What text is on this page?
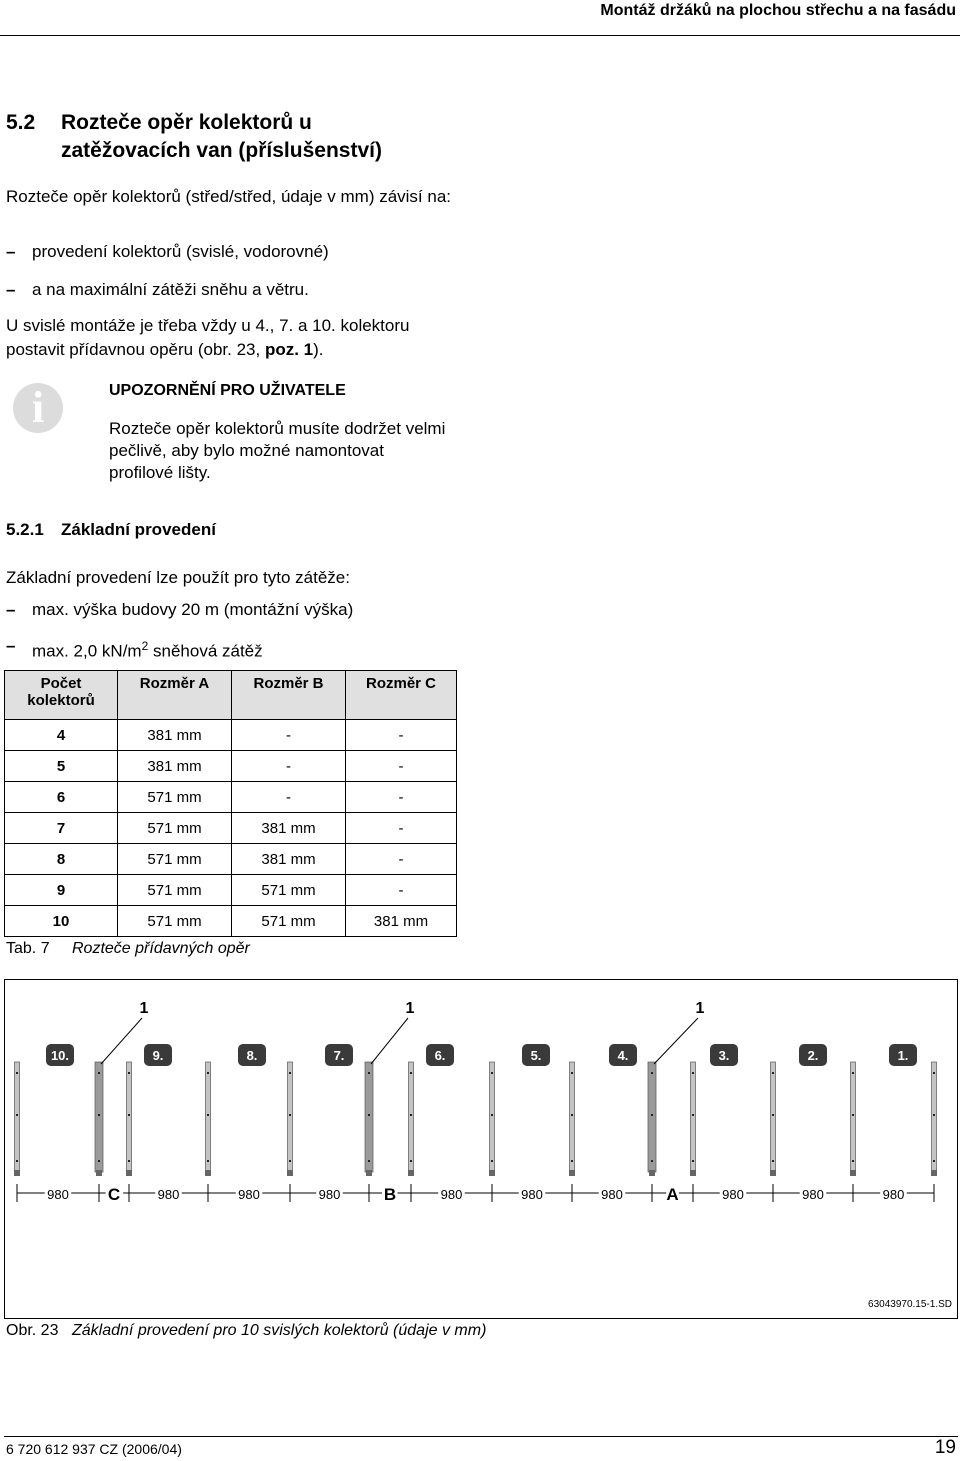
Montáž držáků na plochou střechu a na fasádu
5.2 Rozteče opěr kolektorů u
zatěžovacích van (příslušenství)
Rozteče opěr kolektorů (střed/střed, údaje v mm) závisí na:
– provedení kolektorů (svislé, vodorovné)
– a na maximální zátěži sněhu a větru.
U svislé montáže je třeba vždy u 4., 7. a 10. kolektoru postavit přídavnou opěru (obr. 23, poz. 1).
i	UPOZORNĚNÍ PRO UŽIVATELE
Rozteče opěr kolektorů musíte dodržet velmi pečlivě, aby bylo možné namontovat profilové lišty.
5.2.1 Základní provedení
Základní provedení lze použít pro tyto zátěže:
– max. výška budovy 20 m (montážní výška)
– max. 2,0 $kN/m^2$ sněhová zátěž
Počet kolektorů	Rozměr A	Rozměr B	Rozměr C
4	381 mm	-	-
5	381 mm	-	-
6	571 mm	-	-
7	571 mm	381 mm	-
8	571 mm	381 mm	-
9	571 mm	571 mm	-
10	571 mm	571 mm	381 mm
Tab. 7 Rozteče přídavných opěr
10.	9.	8.	7.	6.	5.	4.	3.	2.	1.
1	1	1
980 C	980	980	980	B	980	980	980	A	980	980	980
63043970.15-1.SD
Obr. 23 Základní provedení pro 10 svislých kolektorů (údaje v mm)
6 720 612 937 CZ (2006/04)	19
